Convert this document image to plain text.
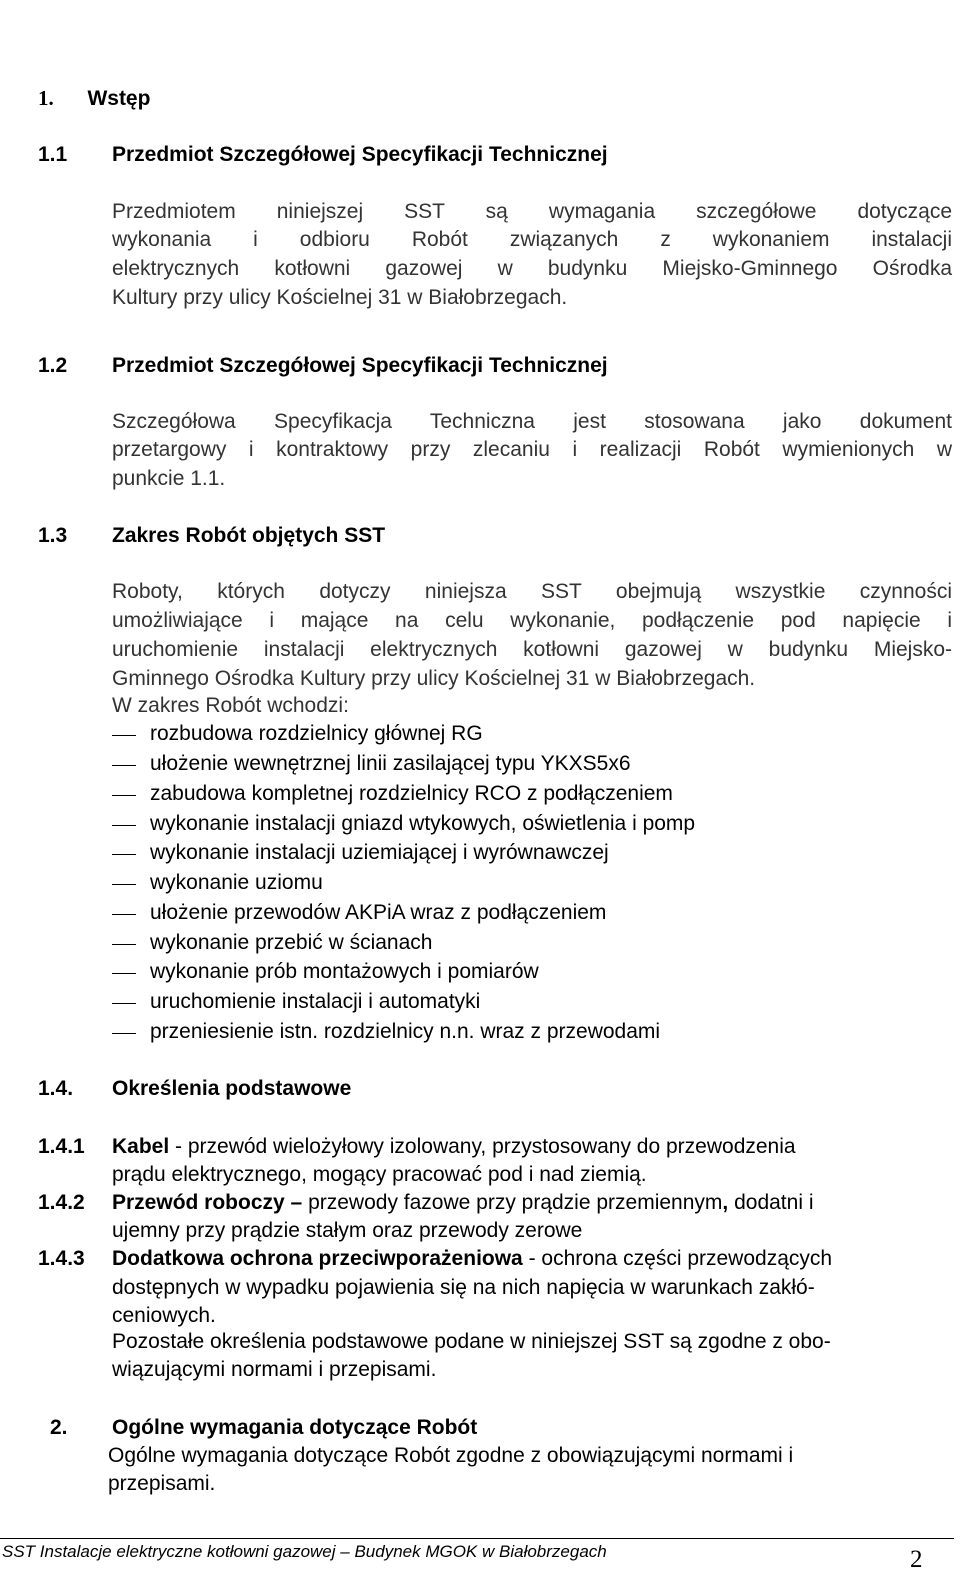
1. Wstęp
1.1 Przedmiot Szczegółowej Specyfikacji Technicznej
Przedmiotem niniejszej SST są wymagania szczegółowe dotyczące
wykonania i odbioru Robót związanych z wykonaniem instalacji
elektrycznych kotłowni gazowej w budynku Miejsko-Gminnego Ośrodka
Kultury przy ulicy Kościelnej 31 w Białobrzegach.
1.2 Przedmiot Szczegółowej Specyfikacji Technicznej
Szczegółowa Specyfikacja Techniczna jest stosowana jako dokument
przetargowy i kontraktowy przy zlecaniu i realizacji Robót wymienionych w
punkcie 1.1.
1.3 Zakres Robót objętych SST
Roboty, których dotyczy niniejsza SST obejmują wszystkie czynności
umożliwiające i mające na celu wykonanie, podłączenie pod napięcie i
uruchomienie instalacji elektrycznych kotłowni gazowej w budynku Miejsko-
Gminnego Ośrodka Kultury przy ulicy Kościelnej 31 w Białobrzegach.
W zakres Robót wchodzi:
rozbudowa rozdzielnicy głównej RG
ułożenie wewnętrznej linii zasilającej typu YKXS5x6
zabudowa kompletnej rozdzielnicy RCO z podłączeniem
wykonanie instalacji gniazd wtykowych, oświetlenia i pomp
wykonanie instalacji uziemiającej i wyrównawczej
wykonanie uziomu
ułożenie przewodów AKPiA wraz z podłączeniem
wykonanie przebić w ścianach
wykonanie prób montażowych i pomiarów
uruchomienie instalacji i automatyki
przeniesienie istn. rozdzielnicy n.n. wraz z przewodami
1.4. Określenia podstawowe
1.4.1 Kabel - przewód wielożyłowy izolowany, przystosowany do przewodzenia
prądu elektrycznego, mogący pracować pod i nad ziemią.
1.4.2 Przewód roboczy – przewody fazowe przy prądzie przemiennym, dodatni i
ujemny przy prądzie stałym oraz przewody zerowe
1.4.3 Dodatkowa ochrona przeciwporażeniowa - ochrona części przewodzących
dostępnych w wypadku pojawienia się na nich napięcia w warunkach zakłó-
ceniowych.
Pozostałe określenia podstawowe podane w niniejszej SST są zgodne z obo-
wiązującymi normami i przepisami.
2. Ogólne wymagania dotyczące Robót
Ogólne wymagania dotyczące Robót zgodne z obowiązującymi normami i
przepisami.
SST Instalacje elektryczne kotłowni gazowej – Budynek MGOK w Białobrzegach	2
